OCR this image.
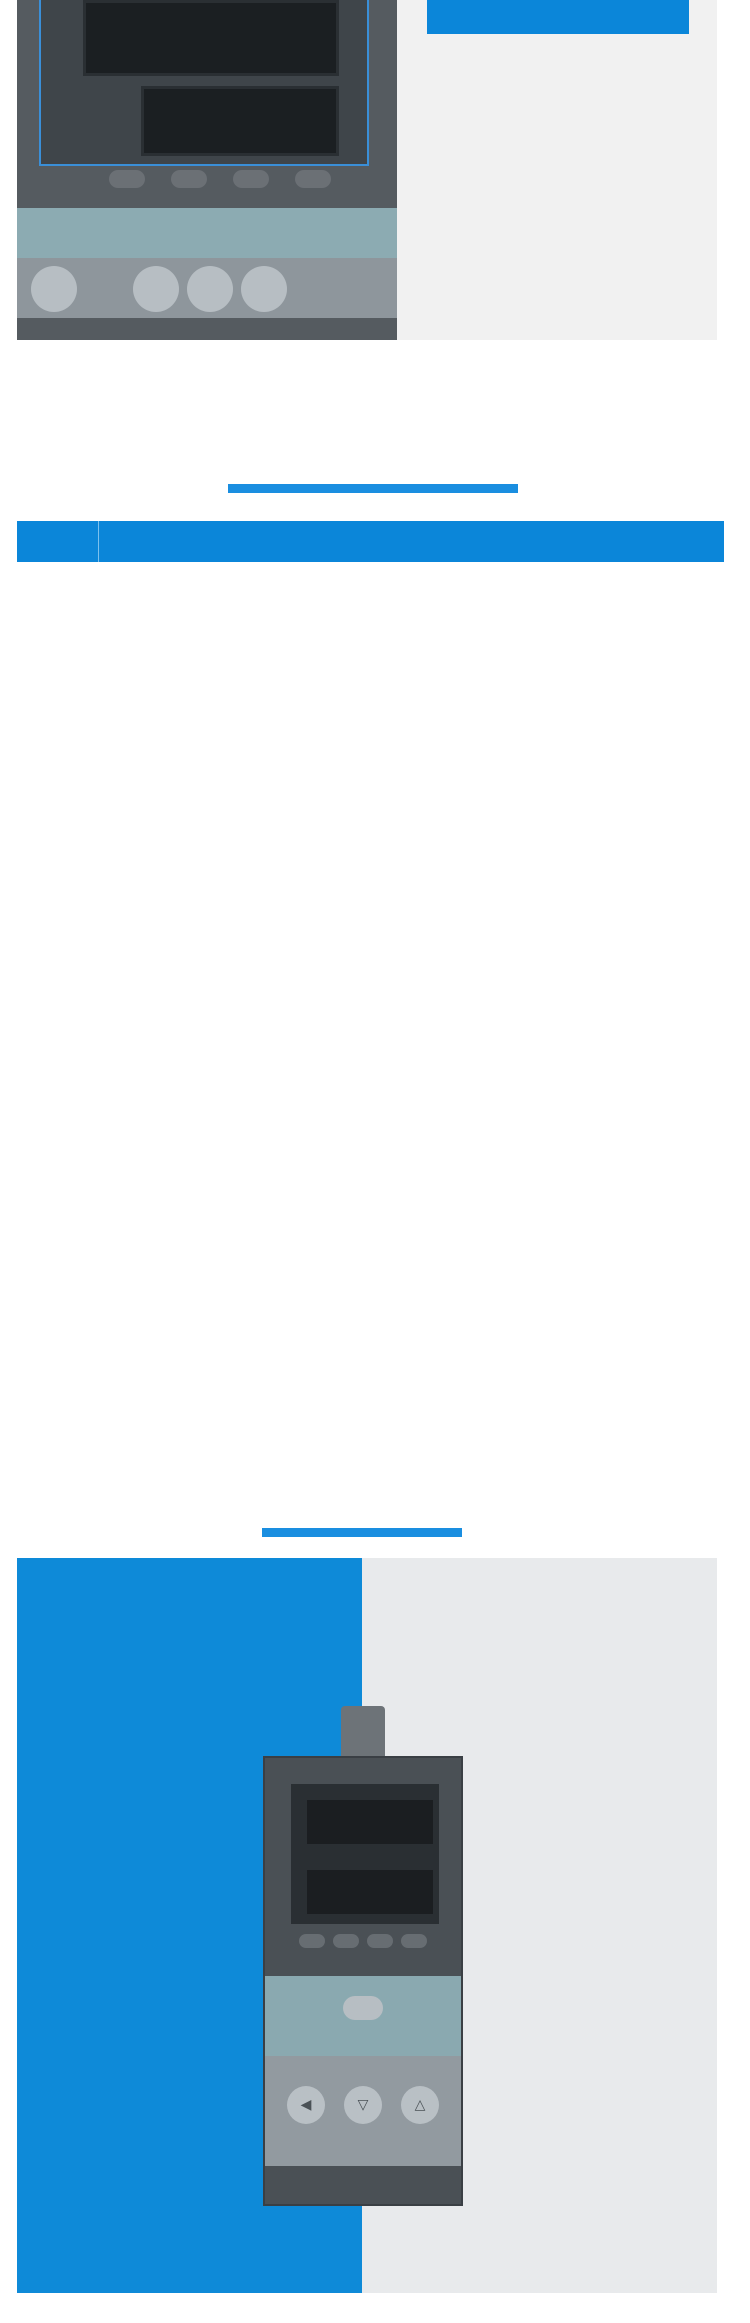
◀	▽	△
